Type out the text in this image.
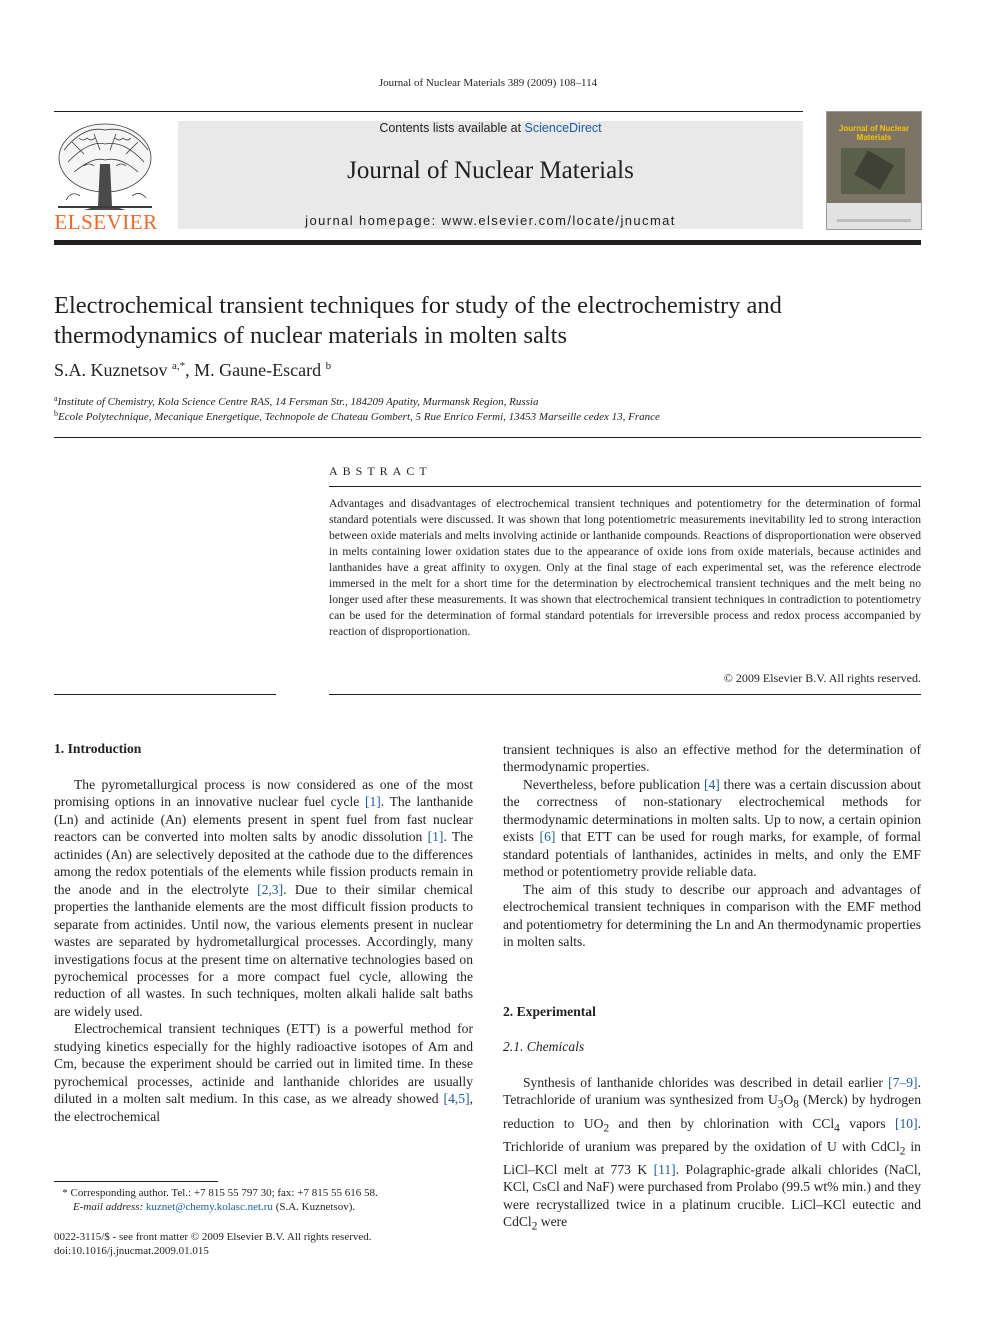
Journal of Nuclear Materials 389 (2009) 108–114
ELSEVIER
Contents lists available at ScienceDirect
Journal of Nuclear Materials
journal homepage: www.elsevier.com/locate/jnucmat
Journal of Nuclear Materials
Electrochemical transient techniques for study of the electrochemistry and thermodynamics of nuclear materials in molten salts
S.A. Kuznetsov $^{a,*}$, M. Gaune-Escard $^b$
$^a$Institute of Chemistry, Kola Science Centre RAS, 14 Fersman Str., 184209 Apatity, Murmansk Region, Russia
$^b$Ecole Polytechnique, Mecanique Energetique, Technopole de Chateau Gombert, 5 Rue Enrico Fermi, 13453 Marseille cedex 13, France
ABSTRACT
Advantages and disadvantages of electrochemical transient techniques and potentiometry for the determination of formal standard potentials were discussed. It was shown that long potentiometric measurements inevitability led to strong interaction between oxide materials and melts involving actinide or lanthanide compounds. Reactions of disproportionation were observed in melts containing lower oxidation states due to the appearance of oxide ions from oxide materials, because actinides and lanthanides have a great affinity to oxygen. Only at the final stage of each experimental set, was the reference electrode immersed in the melt for a short time for the determination by electrochemical transient techniques and the melt being no longer used after these measurements. It was shown that electrochemical transient techniques in contradiction to potentiometry can be used for the determination of formal standard potentials for irreversible process and redox process accompanied by reaction of disproportionation.
© 2009 Elsevier B.V. All rights reserved.
1. Introduction

The pyrometallurgical process is now considered as one of the most promising options in an innovative nuclear fuel cycle [1]. The lanthanide (Ln) and actinide (An) elements present in spent fuel from fast nuclear reactors can be converted into molten salts by anodic dissolution [1]. The actinides (An) are selectively deposited at the cathode due to the differences among the redox potentials of the elements while fission products remain in the anode and in the electrolyte [2,3]. Due to their similar chemical properties the lanthanide elements are the most difficult fission products to separate from actinides. Until now, the various elements present in nuclear wastes are separated by hydrometallurgical processes. Accordingly, many investigations focus at the present time on alternative technologies based on pyrochemical processes for a more compact fuel cycle, allowing the reduction of all wastes. In such techniques, molten alkali halide salt baths are widely used.

Electrochemical transient techniques (ETT) is a powerful method for studying kinetics especially for the highly radioactive isotopes of Am and Cm, because the experiment should be carried out in limited time. In these pyrochemical processes, actinide and lanthanide chlorides are usually diluted in a molten salt medium. In this case, as we already showed [4,5], the electrochemical

transient techniques is also an effective method for the determination of thermodynamic properties.

Nevertheless, before publication [4] there was a certain discussion about the correctness of non-stationary electrochemical methods for thermodynamic determinations in molten salts. Up to now, a certain opinion exists [6] that ETT can be used for rough marks, for example, of formal standard potentials of lanthanides, actinides in melts, and only the EMF method or potentiometry provide reliable data.

The aim of this study to describe our approach and advantages of electrochemical transient techniques in comparison with the EMF method and potentiometry for determining the Ln and An thermodynamic properties in molten salts.

2. Experimental
2.1. Chemicals

Synthesis of lanthanide chlorides was described in detail earlier [7–9]. Tetrachloride of uranium was synthesized from $U_3O_8$ (Merck) by hydrogen reduction to $UO_2$ and then by chlorination with CCl$_4$ vapors [10]. Trichloride of uranium was prepared by the oxidation of U with CdCl$_2$ in LiCl–KCl melt at 773 K [11]. Polagraphic-grade alkali chlorides (NaCl, KCl, CsCl and NaF) were purchased from Prolabo (99.5 wt% min.) and they were recrystallized twice in a platinum crucible. LiCl–KCl eutectic and CdCl$_2$ were

* Corresponding author. Tel.: +7 815 55 797 30; fax: +7 815 55 616 58.
E-mail address: kuznet@chemy.kolasc.net.ru (S.A. Kuznetsov).
0022-3115/$ - see front matter © 2009 Elsevier B.V. All rights reserved.
doi:10.1016/j.jnucmat.2009.01.015
